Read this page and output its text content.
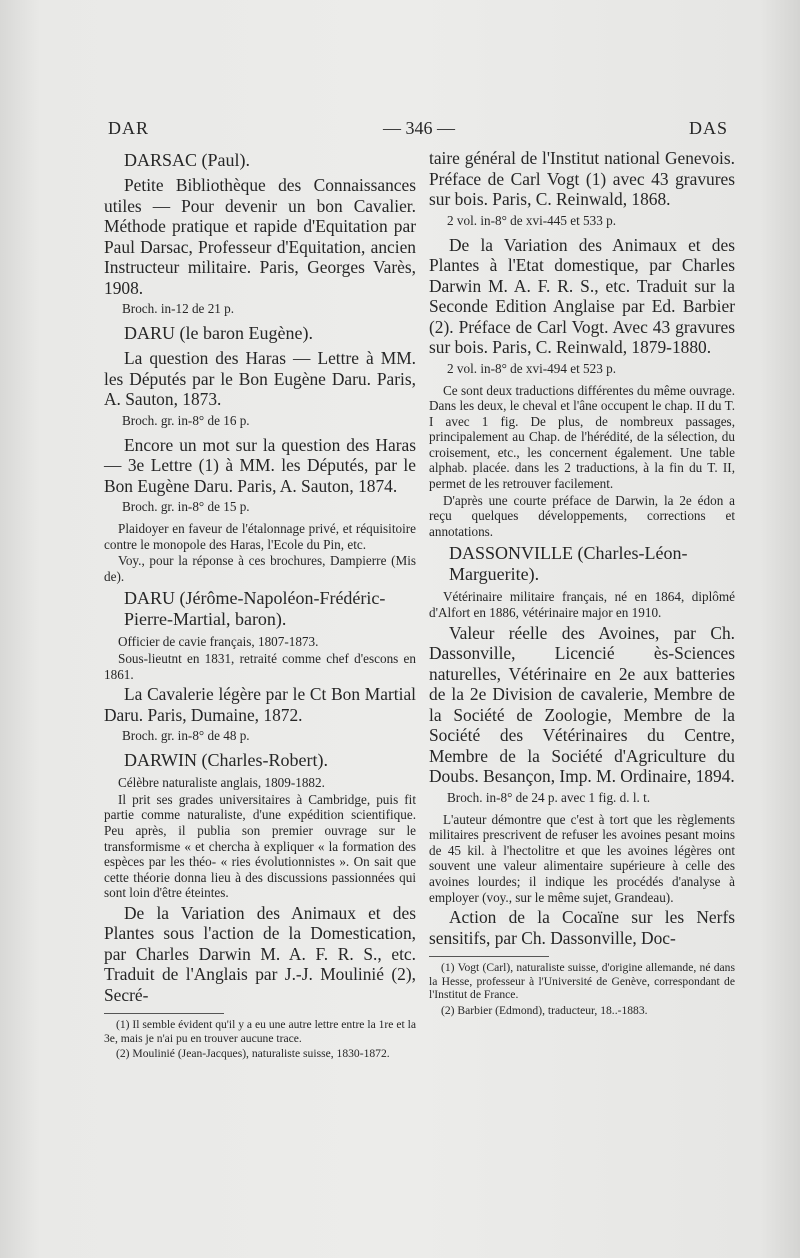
DAR	— 346 —	DAS
DARSAC (Paul).
Petite Bibliothèque des Connaissances utiles — Pour devenir un bon Cavalier. Méthode pratique et rapide d'Equitation par Paul Darsac, Professeur d'Equitation, ancien Instructeur militaire. Paris, Georges Varès, 1908.
Broch. in-12 de 21 p.
DARU (le baron Eugène).
La question des Haras — Lettre à MM. les Députés par le Bon Eugène Daru. Paris, A. Sauton, 1873.
Broch. gr. in-8° de 16 p.
Encore un mot sur la question des Haras — 3e Lettre (1) à MM. les Députés, par le Bon Eugène Daru. Paris, A. Sauton, 1874.
Broch. gr. in-8° de 15 p.
Plaidoyer en faveur de l'étalonnage privé, et réquisitoire contre le monopole des Haras, l'Ecole du Pin, etc.
Voy., pour la réponse à ces brochures, Dampierre (Mis de).
DARU (Jérôme-Napoléon-Frédéric-Pierre-Martial, baron).
Officier de cavie français, 1807-1873.
Sous-lieutnt en 1831, retraité comme chef d'escons en 1861.
La Cavalerie légère par le Ct Bon Martial Daru. Paris, Dumaine, 1872.
Broch. gr. in-8° de 48 p.
DARWIN (Charles-Robert).
Célèbre naturaliste anglais, 1809-1882.
Il prit ses grades universitaires à Cambridge, puis fit partie comme naturaliste, d'une expédition scientifique. Peu après, il publia son premier ouvrage sur le transformisme « et chercha à expliquer « la formation des espèces par les théo- « ries évolutionnistes ». On sait que cette théorie donna lieu à des discussions passionnées qui sont loin d'être éteintes.
De la Variation des Animaux et des Plantes sous l'action de la Domestication, par Charles Darwin M. A. F. R. S., etc. Traduit de l'Anglais par J.-J. Moulinié (2), Secré-
(1) Il semble évident qu'il y a eu une autre lettre entre la 1re et la 3e, mais je n'ai pu en trouver aucune trace.
(2) Moulinié (Jean-Jacques), naturaliste suisse, 1830-1872.
taire général de l'Institut national Genevois. Préface de Carl Vogt (1) avec 43 gravures sur bois. Paris, C. Reinwald, 1868.
2 vol. in-8° de xvi-445 et 533 p.
De la Variation des Animaux et des Plantes à l'Etat domestique, par Charles Darwin M. A. F. R. S., etc. Traduit sur la Seconde Edition Anglaise par Ed. Barbier (2). Préface de Carl Vogt. Avec 43 gravures sur bois. Paris, C. Reinwald, 1879-1880.
2 vol. in-8° de xvi-494 et 523 p.
Ce sont deux traductions différentes du même ouvrage. Dans les deux, le cheval et l'âne occupent le chap. II du T. I avec 1 fig. De plus, de nombreux passages, principalement au Chap. de l'hérédité, de la sélection, du croisement, etc., les concernent également. Une table alphab. placée. dans les 2 traductions, à la fin du T. II, permet de les retrouver facilement.
D'après une courte préface de Darwin, la 2e édon a reçu quelques développements, corrections et annotations.
DASSONVILLE (Charles-Léon-Marguerite).
Vétérinaire militaire français, né en 1864, diplômé d'Alfort en 1886, vétérinaire major en 1910.
Valeur réelle des Avoines, par Ch. Dassonville, Licencié ès-Sciences naturelles, Vétérinaire en 2e aux batteries de la 2e Division de cavalerie, Membre de la Société de Zoologie, Membre de la Société des Vétérinaires du Centre, Membre de la Société d'Agriculture du Doubs. Besançon, Imp. M. Ordinaire, 1894.
Broch. in-8° de 24 p. avec 1 fig. d. l. t.
L'auteur démontre que c'est à tort que les règlements militaires prescrivent de refuser les avoines pesant moins de 45 kil. à l'hectolitre et que les avoines légères ont souvent une valeur alimentaire supérieure à celle des avoines lourdes; il indique les procédés d'analyse à employer (voy., sur le même sujet, Grandeau).
Action de la Cocaïne sur les Nerfs sensitifs, par Ch. Dassonville, Doc-
(1) Vogt (Carl), naturaliste suisse, d'origine allemande, né dans la Hesse, professeur à l'Université de Genève, correspondant de l'Institut de France.
(2) Barbier (Edmond), traducteur, 18..-1883.
